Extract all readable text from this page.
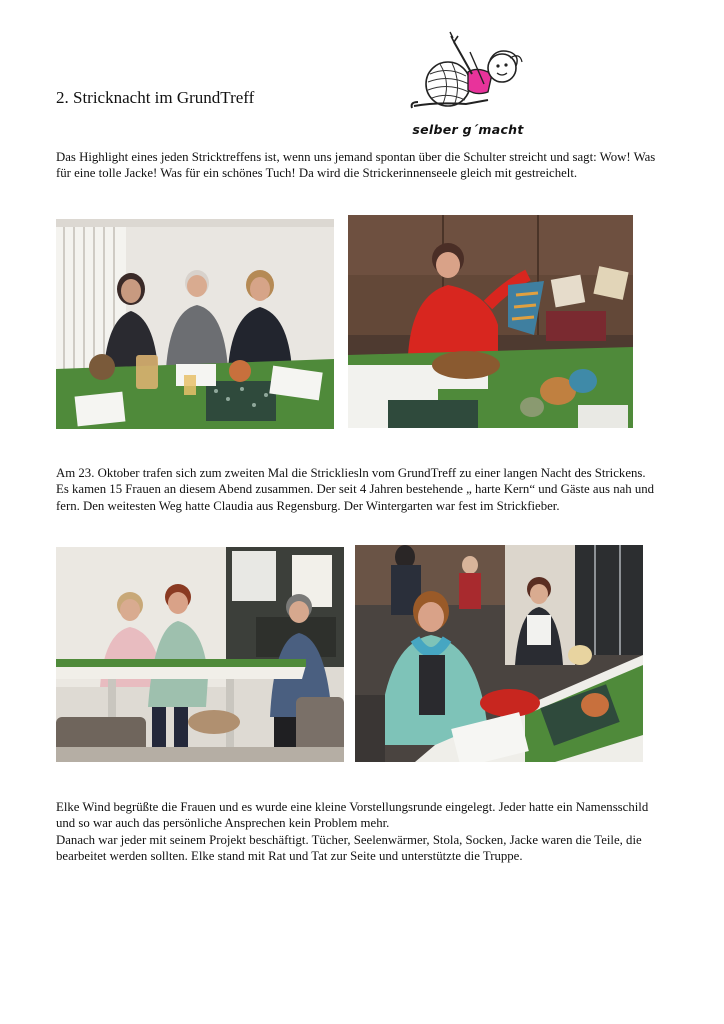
2. Stricknacht im GrundTreff
selber g´macht

Das Highlight eines jeden Stricktreffens ist, wenn uns jemand spontan über die Schulter streicht und sagt: Wow! Was für eine tolle Jacke! Was für ein schönes Tuch! Da wird die Strickerinnenseele gleich mit gestreichelt.

Am 23. Oktober trafen sich zum zweiten Mal die Strickliesln vom GrundTreff zu einer langen Nacht des Strickens. Es kamen 15 Frauen an diesem Abend zusammen. Der seit 4 Jahren bestehende „ harte Kern“ und Gäste aus nah und fern. Den weitesten Weg hatte Claudia aus Regensburg. Der Wintergarten war fest im Strickfieber.

Elke Wind begrüßte die Frauen und es wurde eine kleine Vorstellungsrunde eingelegt. Jeder hatte ein Namensschild und so war auch das persönliche Ansprechen kein Problem mehr.
Danach war jeder mit seinem Projekt beschäftigt. Tücher, Seelenwärmer, Stola, Socken, Jacke waren die Teile, die bearbeitet werden sollten. Elke stand mit Rat und Tat zur Seite und unterstützte die Truppe.
